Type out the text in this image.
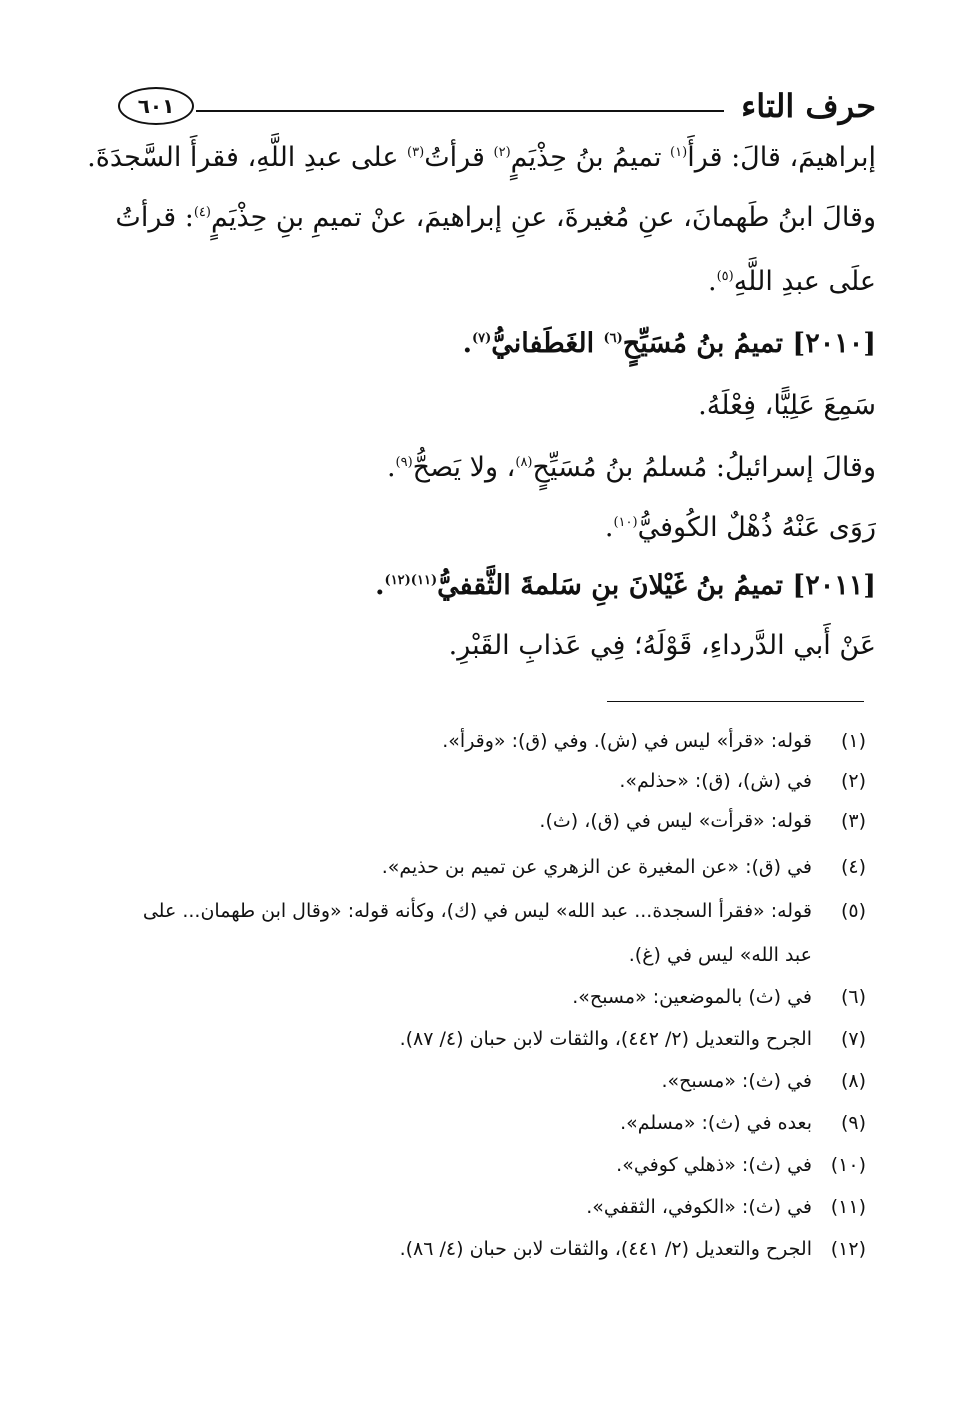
حرف التاء
٦٠١
إبراهيمَ، قالَ: قرأَ$^{(١)}$ تميمُ بنُ حِذْيَمٍ$^{(٢)}$ قرأتُ$^{(٣)}$ على عبدِ اللَّهِ، فقرأَ السَّجدَةَ.
وقالَ ابنُ طَهمانَ، عنِ مُغيرةَ، عنِ إبراهيمَ، عنْ تميمِ بنِ حِذْيَمٍ$^{(٤)}$: قرأتُ
علَى عبدِ اللَّهِ$^{(٥)}$.
[٢٠١٠] تميمُ بنُ مُسَيِّحٍ$^{(٦)}$ الغَطَفانيُّ$^{(٧)}$.
سَمِعَ عَلِيًّا، فِعْلَهُ.
وقالَ إسرائيلُ: مُسلمُ بنُ مُسَيِّحٍ$^{(٨)}$، ولا يَصحُّ$^{(٩)}$.
رَوَى عَنْهُ ذُهْلٌ الكُوفيُّ$^{(١٠)}$.
[٢٠١١] تميمُ بنُ غَيْلانَ بنِ سَلمةَ الثَّقفيُّ$^{(١١)(١٢)}$.
عَنْ أَبي الدَّرداءِ، قَوْلَهُ؛ فِي عَذابِ القَبْرِ.
(١)قوله: «قرأ» ليس في (ش). وفي (ق): «وقرأ».
(٢)في (ش)، (ق): «حذلم».
(٣)قوله: «قرأت» ليس في (ق)، (ث).
(٤)في (ق): «عن المغيرة عن الزهري عن تميم بن حذيم».
(٥)قوله: «فقرأ السجدة... عبد الله» ليس في (ك)، وكأنه قوله: «وقال ابن طهمان... على
عبد الله» ليس في (غ).
(٦)في (ث) بالموضعين: «مسبح».
(٧)الجرح والتعديل (٢/ ٤٤٢)، والثقات لابن حبان (٤/ ٨٧).
(٨)في (ث): «مسبح».
(٩)بعده في (ث): «مسلم».
(١٠)في (ث): «ذهلي كوفي».
(١١)في (ث): «الكوفي، الثقفي».
(١٢)الجرح والتعديل (٢/ ٤٤١)، والثقات لابن حبان (٤/ ٨٦).
